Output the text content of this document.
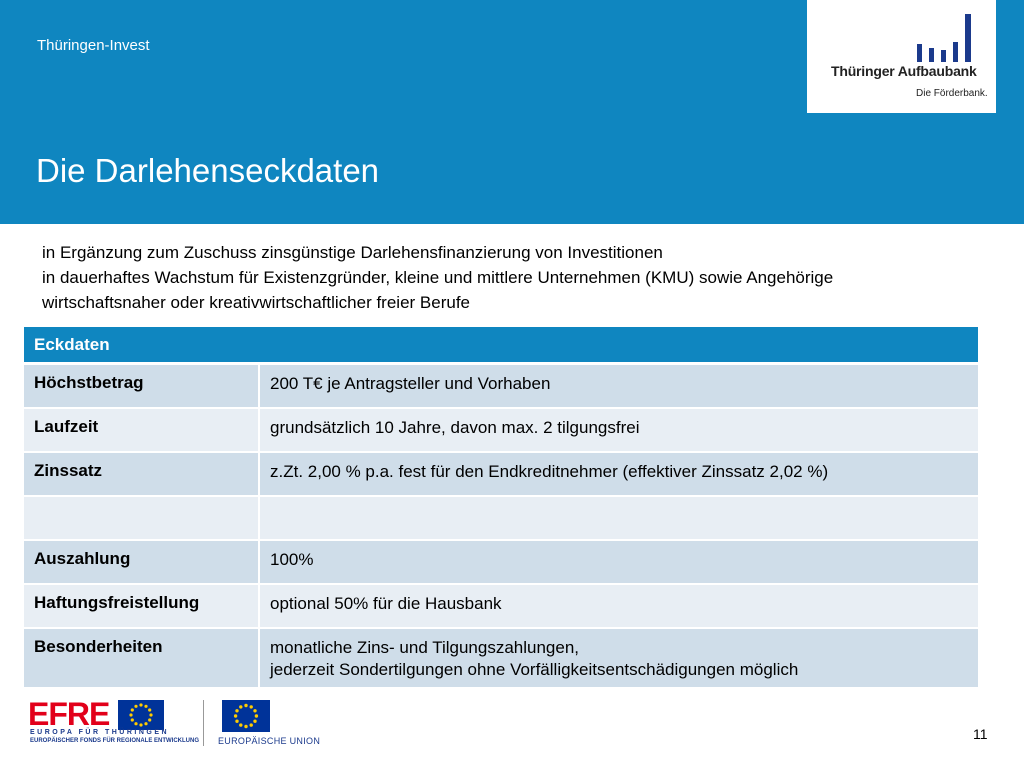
Thüringen-Invest
Die Darlehenseckdaten
Thüringer Aufbaubank
Die Förderbank.
in Ergänzung zum Zuschuss zinsgünstige Darlehensfinanzierung von Investitionen
in dauerhaftes Wachstum für Existenzgründer, kleine und mittlere Unternehmen (KMU) sowie Angehörige
wirtschaftsnaher oder kreativwirtschaftlicher freier Berufe
Eckdaten
Höchstbetrag	200 T€ je Antragsteller und Vorhaben
Laufzeit	grundsätzlich 10 Jahre, davon max. 2 tilgungsfrei
Zinssatz	z.Zt. 2,00 % p.a. fest für den Endkreditnehmer (effektiver Zinssatz 2,02 %)
Auszahlung	100%
Haftungsfreistellung	optional 50% für die Hausbank
Besonderheiten	monatliche Zins- und Tilgungszahlungen,
jederzeit Sondertilgungen ohne Vorfälligkeitsentschädigungen möglich
EFRE
EUROPA FÜR THÜRINGEN
EUROPÄISCHER FONDS FÜR REGIONALE ENTWICKLUNG EUROPÄISCHE UNION	11
